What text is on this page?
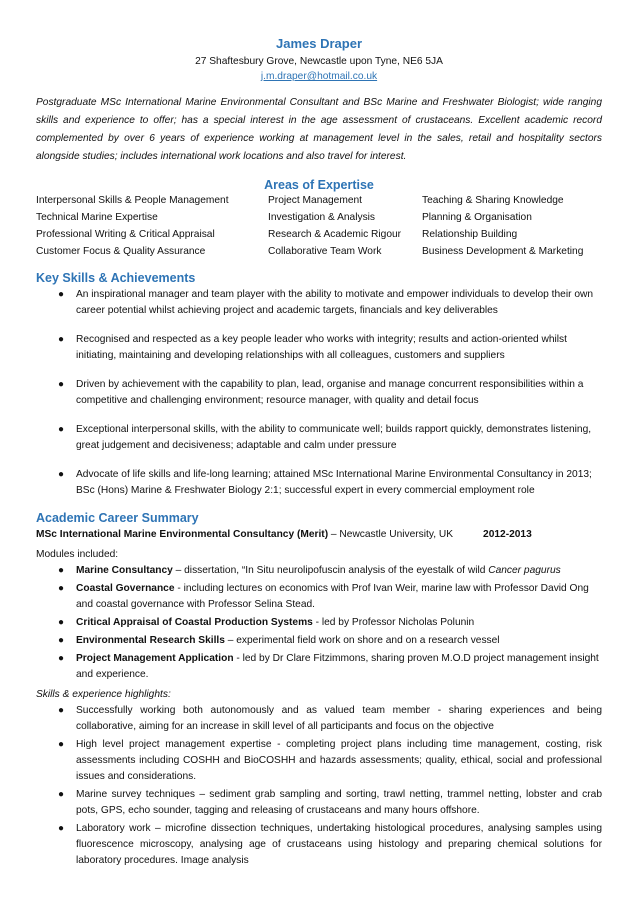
James Draper
27 Shaftesbury Grove, Newcastle upon Tyne, NE6 5JA
j.m.draper@hotmail.co.uk
Postgraduate MSc International Marine Environmental Consultant and BSc Marine and Freshwater Biologist; wide ranging skills and experience to offer; has a special interest in the age assessment of crustaceans. Excellent academic record complemented by over 6 years of experience working at management level in the sales, retail and hospitality sectors alongside studies; includes international work locations and also travel for interest.
Areas of Expertise
Interpersonal Skills & People Management	Project Management	Teaching & Sharing Knowledge
Technical Marine Expertise	Investigation & Analysis	Planning & Organisation
Professional Writing & Critical Appraisal	Research & Academic Rigour	Relationship Building
Customer Focus & Quality Assurance	Collaborative Team Work	Business Development & Marketing
Key Skills & Achievements
● An inspirational manager and team player with the ability to motivate and empower individuals to develop their own career potential whilst achieving project and academic targets, financials and key deliverables
● Recognised and respected as a key people leader who works with integrity; results and action-oriented whilst initiating, maintaining and developing relationships with all colleagues, customers and suppliers
● Driven by achievement with the capability to plan, lead, organise and manage concurrent responsibilities within a competitive and challenging environment; resource manager, with quality and detail focus
● Exceptional interpersonal skills, with the ability to communicate well; builds rapport quickly, demonstrates listening, great judgement and decisiveness; adaptable and calm under pressure
● Advocate of life skills and life-long learning; attained MSc International Marine Environmental Consultancy in 2013; BSc (Hons) Marine & Freshwater Biology 2:1; successful expert in every commercial employment role
Academic Career Summary
MSc International Marine Environmental Consultancy (Merit) – Newcastle University, UK	2012-2013
Modules included:
● Marine Consultancy – dissertation, “In Situ neurolipofuscin analysis of the eyestalk of wild Cancer pagurus
● Coastal Governance - including lectures on economics with Prof Ivan Weir, marine law with Professor David Ong and coastal governance with Professor Selina Stead.
● Critical Appraisal of Coastal Production Systems - led by Professor Nicholas Polunin
● Environmental Research Skills – experimental field work on shore and on a research vessel
● Project Management Application - led by Dr Clare Fitzimmons, sharing proven M.O.D project management insight and experience.
Skills & experience highlights:
● Successfully working both autonomously and as valued team member - sharing experiences and being collaborative, aiming for an increase in skill level of all participants and focus on the objective
● High level project management expertise - completing project plans including time management, costing, risk assessments including COSHH and BioCOSHH and hazards assessments; quality, ethical, social and professional issues and considerations.
● Marine survey techniques – sediment grab sampling and sorting, trawl netting, trammel netting, lobster and crab pots, GPS, echo sounder, tagging and releasing of crustaceans and many hours offshore.
● Laboratory work – microfine dissection techniques, undertaking histological procedures, analysing samples using fluorescence microscopy, analysing age of crustaceans using histology and preparing chemical solutions for laboratory procedures. Image analysis
